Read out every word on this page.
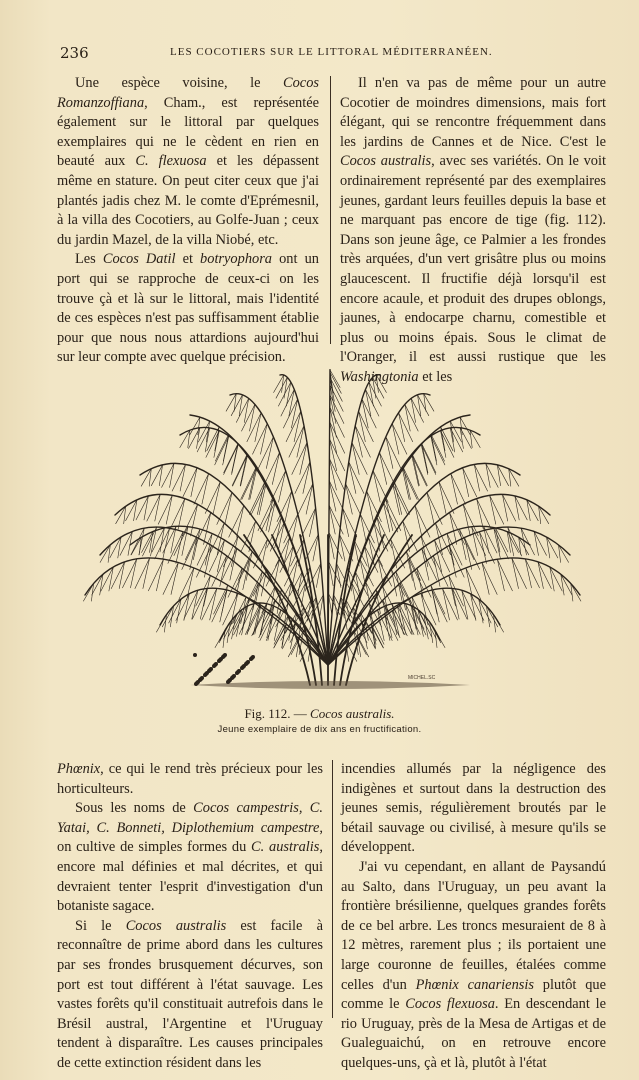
236	LES COCOTIERS SUR LE LITTORAL MÉDITERRANÉEN.

Une espèce voisine, le Cocos Romanzoffiana, Cham., est représentée également sur le littoral par quelques exemplaires qui ne le cèdent en rien en beauté aux C. flexuosa et les dépassent même en stature. On peut citer ceux que j'ai plantés jadis chez M. le comte d'Eprémesnil, à la villa des Cocotiers, au Golfe-Juan ; ceux du jardin Mazel, de la villa Niobé, etc.

Les Cocos Datil et botryophora ont un port qui se rapproche de ceux-ci on les trouve çà et là sur le littoral, mais l'identité de ces espèces n'est pas suffisamment établie pour que nous nous attardions aujourd'hui sur leur compte avec quelque précision.

Il n'en va pas de même pour un autre Cocotier de moindres dimensions, mais fort élégant, qui se rencontre fréquemment dans les jardins de Cannes et de Nice. C'est le Cocos australis, avec ses variétés. On le voit ordinairement représenté par des exemplaires jeunes, gardant leurs feuilles depuis la base et ne marquant pas encore de tige (fig. 112). Dans son jeune âge, ce Palmier a les frondes très arquées, d'un vert grisâtre plus ou moins glaucescent. Il fructifie déjà lorsqu'il est encore acaule, et produit des drupes oblongs, jaunes, à endocarpe charnu, comestible et plus ou moins épais. Sous le climat de l'Oranger, il est aussi rustique que les Washingtonia et les

MICHEL.SC
Fig. 112. — Cocos australis.
Jeune exemplaire de dix ans en fructification.

Phœnix, ce qui le rend très précieux pour les horticulteurs.

Sous les noms de Cocos campestris, C. Yatai, C. Bonneti, Diplothemium campestre, on cultive de simples formes du C. australis, encore mal définies et mal décrites, et qui devraient tenter l'esprit d'investigation d'un botaniste sagace.

Si le Cocos australis est facile à reconnaître de prime abord dans les cultures par ses frondes brusquement décurves, son port est tout différent à l'état sauvage. Les vastes forêts qu'il constituait autrefois dans le Brésil austral, l'Argentine et l'Uruguay tendent à disparaître. Les causes principales de cette extinction résident dans les

incendies allumés par la négligence des indigènes et surtout dans la destruction des jeunes semis, régulièrement broutés par le bétail sauvage ou civilisé, à mesure qu'ils se développent.

J'ai vu cependant, en allant de Paysandú au Salto, dans l'Uruguay, un peu avant la frontière brésilienne, quelques grandes forêts de ce bel arbre. Les troncs mesuraient de 8 à 12 mètres, rarement plus ; ils portaient une large couronne de feuilles, étalées comme celles d'un Phœnix canariensis plutôt que comme le Cocos flexuosa. En descendant le rio Uruguay, près de la Mesa de Artigas et de Gualeguaichú, on en retrouve encore quelques-uns, çà et là, plutôt à l'état
